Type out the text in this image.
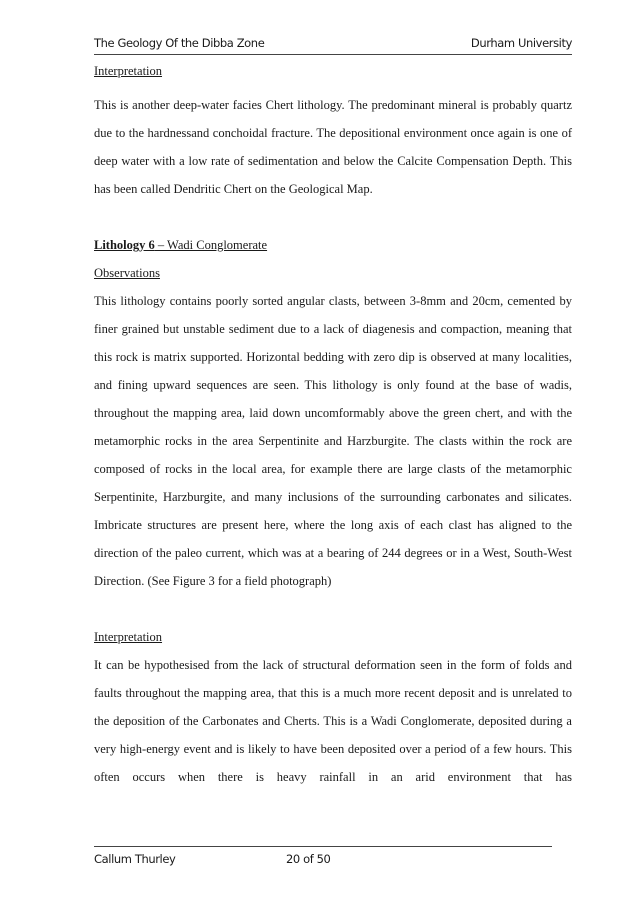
The Geology Of the Dibba Zone	Durham University

Interpretation

This is another deep-water facies Chert lithology. The predominant mineral is probably quartz due to the hardnessand conchoidal fracture. The depositional environment once again is one of deep water with a low rate of sedimentation and below the Calcite Compensation Depth. This has been called Dendritic Chert on the Geological Map.

Lithology 6 – Wadi Conglomerate

Observations

This lithology contains poorly sorted angular clasts, between 3-8mm and 20cm, cemented by finer grained but unstable sediment due to a lack of diagenesis and compaction, meaning that this rock is matrix supported. Horizontal bedding with zero dip is observed at many localities, and fining upward sequences are seen. This lithology is only found at the base of wadis, throughout the mapping area, laid down uncomformably above the green chert, and with the metamorphic rocks in the area Serpentinite and Harzburgite. The clasts within the rock are composed of rocks in the local area, for example there are large clasts of the metamorphic Serpentinite, Harzburgite, and many inclusions of the surrounding carbonates and silicates. Imbricate structures are present here, where the long axis of each clast has aligned to the direction of the paleo current, which was at a bearing of 244 degrees or in a West, South-West Direction. (See Figure 3 for a field photograph)

Interpretation

It can be hypothesised from the lack of structural deformation seen in the form of folds and faults throughout the mapping area, that this is a much more recent deposit and is unrelated to the deposition of the Carbonates and Cherts. This is a Wadi Conglomerate, deposited during a very high-energy event and is likely to have been deposited over a period of a few hours. This often occurs when there is heavy rainfall in an arid environment that has

Callum Thurley	20 of 50
